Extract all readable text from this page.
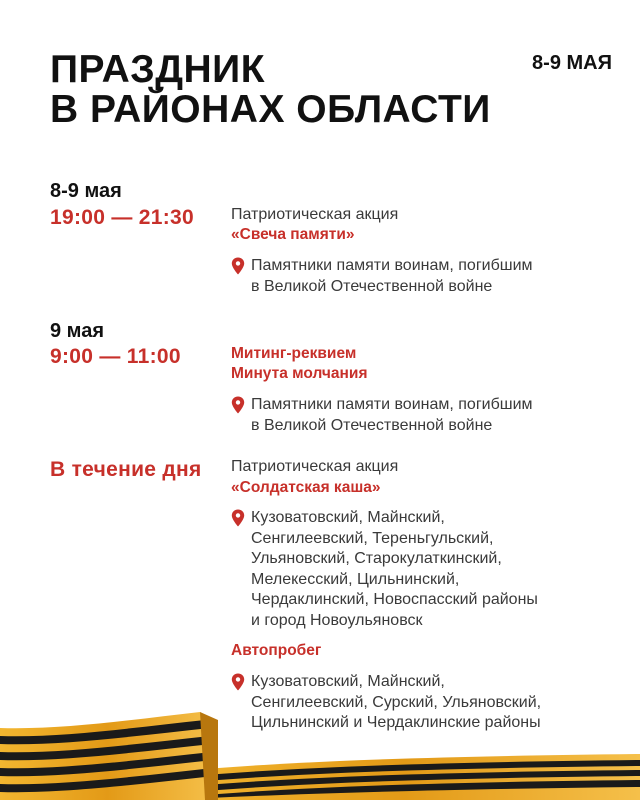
ПРАЗДНИК
В РАЙОНАХ ОБЛАСТИ
8-9 МАЯ
8-9 мая
19:00 — 21:30 Патриотическая акция
«Свеча памяти»
Памятники памяти воинам, погибшим
в Великой Отечественной войне
9 мая
9:00 — 11:00	Митинг-реквием
Минута молчания
Памятники памяти воинам, погибшим
в Великой Отечественной войне
В течение дня Патриотическая акция
«Солдатская каша»
Кузоватовский, Майнский,
Сенгилеевский, Тереньгульский,
Ульяновский, Старокулаткинский,
Мелекесский, Цильнинский,
Чердаклинский, Новоспасский районы
и город Новоульяновск
Автопробег
Кузоватовский, Майнский,
Сенгилеевский, Сурский, Ульяновский,
Цильнинский и Чердаклинские районы
